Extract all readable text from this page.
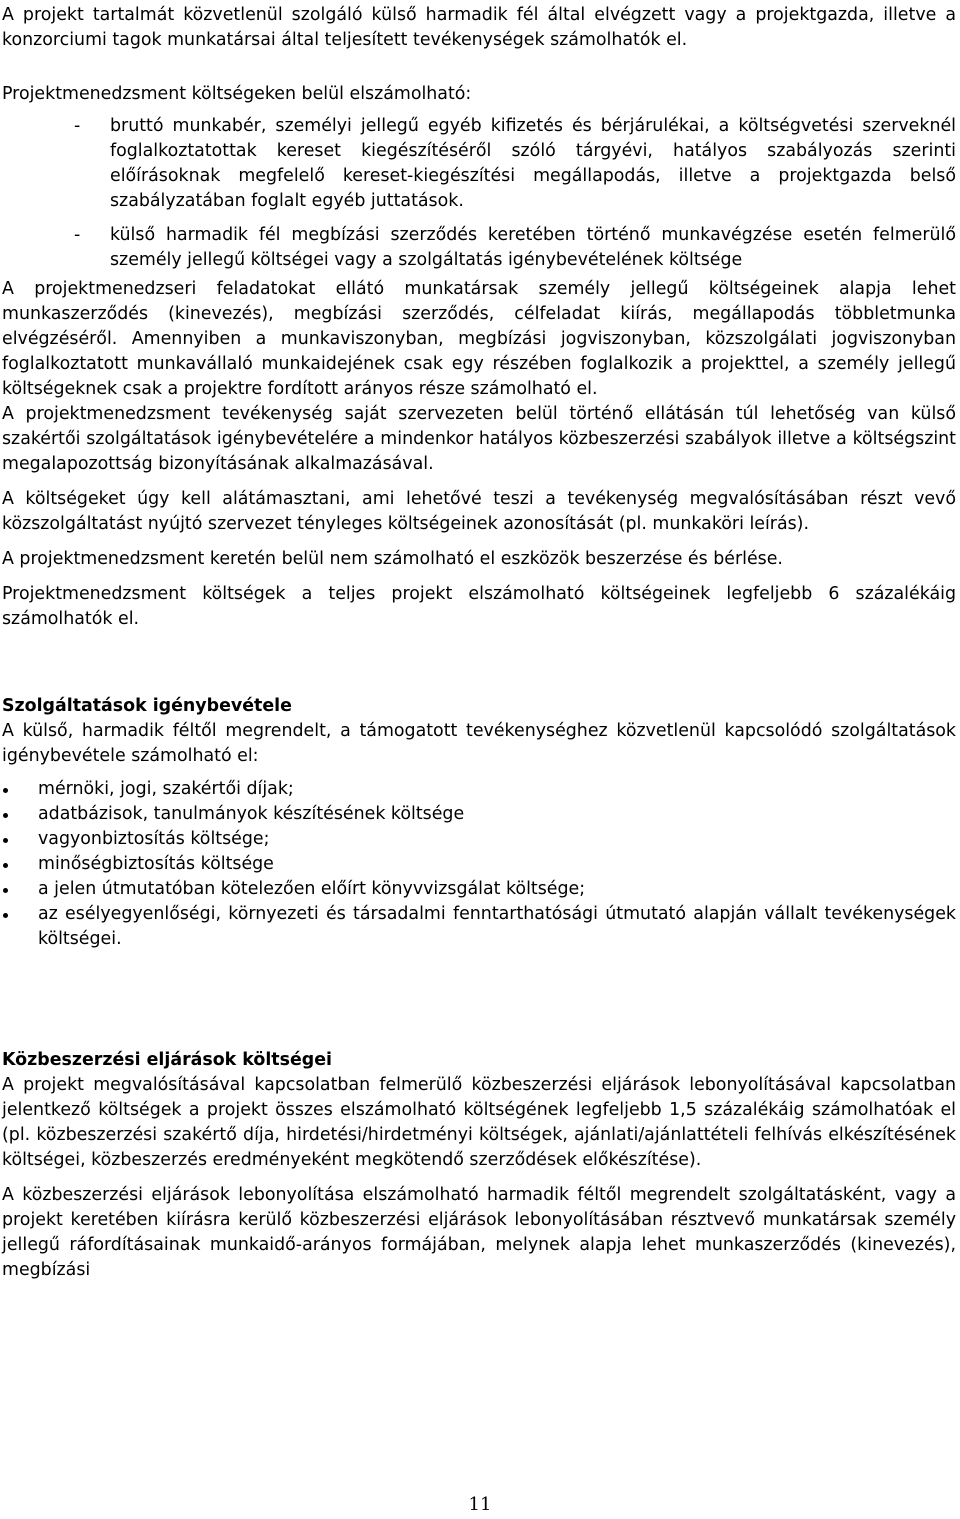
A projekt tartalmát közvetlenül szolgáló külső harmadik fél által elvégzett vagy a projektgazda, illetve a konzorciumi tagok munkatársai által teljesített tevékenységek számolhatók el.

Projektmenedzsment költségeken belül elszámolható:

- bruttó munkabér, személyi jellegű egyéb kifizetés és bérjárulékai, a költségvetési szerveknél foglalkoztatottak kereset kiegészítéséről szóló tárgyévi, hatályos szabályozás szerinti előírásoknak megfelelő kereset-kiegészítési megállapodás, illetve a projektgazda belső szabályzatában foglalt egyéb juttatások.
- külső harmadik fél megbízási szerződés keretében történő munkavégzése esetén felmerülő személy jellegű költségei vagy a szolgáltatás igénybevételének költsége

A projektmenedzseri feladatokat ellátó munkatársak személy jellegű költségeinek alapja lehet munkaszerződés (kinevezés), megbízási szerződés, célfeladat kiírás, megállapodás többletmunka elvégzéséről. Amennyiben a munkaviszonyban, megbízási jogviszonyban, közszolgálati jogviszonyban foglalkoztatott munkavállaló munkaidejének csak egy részében foglalkozik a projekttel, a személy jellegű költségeknek csak a projektre fordított arányos része számolható el.

A projektmenedzsment tevékenység saját szervezeten belül történő ellátásán túl lehetőség van külső szakértői szolgáltatások igénybevételére a mindenkor hatályos közbeszerzési szabályok illetve a költségszint megalapozottság bizonyításának alkalmazásával.

A költségeket úgy kell alátámasztani, ami lehetővé teszi a tevékenység megvalósításában részt vevő közszolgáltatást nyújtó szervezet tényleges költségeinek azonosítását (pl. munkaköri leírás).

A projektmenedzsment keretén belül nem számolható el eszközök beszerzése és bérlése.

Projektmenedzsment költségek a teljes projekt elszámolható költségeinek legfeljebb 6 százalékáig számolhatók el.

Szolgáltatások igénybevétele

A külső, harmadik féltől megrendelt, a támogatott tevékenységhez közvetlenül kapcsolódó szolgáltatások igénybevétele számolható el:

mérnöki, jogi, szakértői díjak;
adatbázisok, tanulmányok készítésének költsége
vagyonbiztosítás költsége;
minőségbiztosítás költsége
a jelen útmutatóban kötelezően előírt könyvvizsgálat költsége;
az esélyegyenlőségi, környezeti és társadalmi fenntarthatósági útmutató alapján vállalt tevékenységek költségei.
Közbeszerzési eljárások költségei

A projekt megvalósításával kapcsolatban felmerülő közbeszerzési eljárások lebonyolításával kapcsolatban jelentkező költségek a projekt összes elszámolható költségének legfeljebb 1,5 százalékáig számolhatóak el (pl. közbeszerzési szakértő díja, hirdetési/hirdetményi költségek, ajánlati/ajánlattételi felhívás elkészítésének költségei, közbeszerzés eredményeként megkötendő szerződések előkészítése).

A közbeszerzési eljárások lebonyolítása elszámolható harmadik féltől megrendelt szolgáltatásként, vagy a projekt keretében kiírásra kerülő közbeszerzési eljárások lebonyolításában résztvevő munkatársak személy jellegű ráfordításainak munkaidő-arányos formájában, melynek alapja lehet munkaszerződés (kinevezés), megbízási

11
